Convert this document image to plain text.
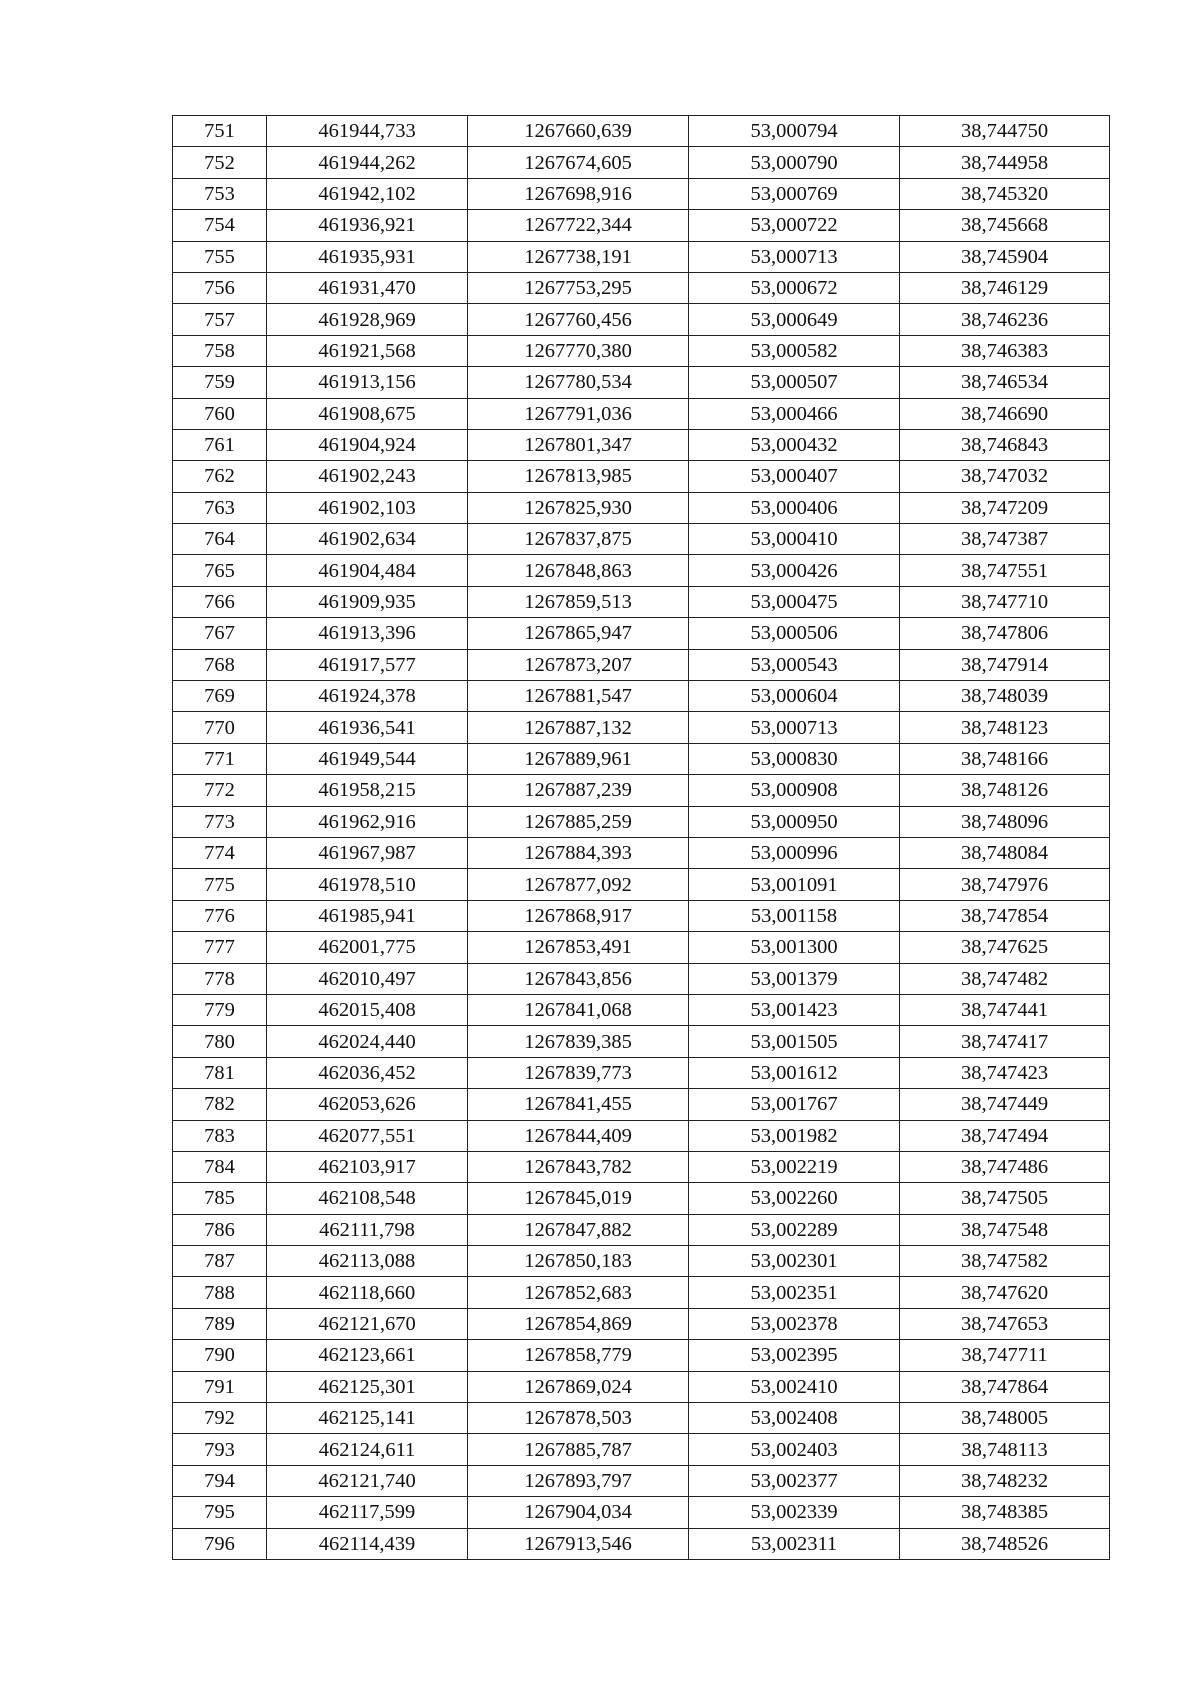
751	461944,733	1267660,639	53,000794	38,744750
752	461944,262	1267674,605	53,000790	38,744958
753	461942,102	1267698,916	53,000769	38,745320
754	461936,921	1267722,344	53,000722	38,745668
755	461935,931	1267738,191	53,000713	38,745904
756	461931,470	1267753,295	53,000672	38,746129
757	461928,969	1267760,456	53,000649	38,746236
758	461921,568	1267770,380	53,000582	38,746383
759	461913,156	1267780,534	53,000507	38,746534
760	461908,675	1267791,036	53,000466	38,746690
761	461904,924	1267801,347	53,000432	38,746843
762	461902,243	1267813,985	53,000407	38,747032
763	461902,103	1267825,930	53,000406	38,747209
764	461902,634	1267837,875	53,000410	38,747387
765	461904,484	1267848,863	53,000426	38,747551
766	461909,935	1267859,513	53,000475	38,747710
767	461913,396	1267865,947	53,000506	38,747806
768	461917,577	1267873,207	53,000543	38,747914
769	461924,378	1267881,547	53,000604	38,748039
770	461936,541	1267887,132	53,000713	38,748123
771	461949,544	1267889,961	53,000830	38,748166
772	461958,215	1267887,239	53,000908	38,748126
773	461962,916	1267885,259	53,000950	38,748096
774	461967,987	1267884,393	53,000996	38,748084
775	461978,510	1267877,092	53,001091	38,747976
776	461985,941	1267868,917	53,001158	38,747854
777	462001,775	1267853,491	53,001300	38,747625
778	462010,497	1267843,856	53,001379	38,747482
779	462015,408	1267841,068	53,001423	38,747441
780	462024,440	1267839,385	53,001505	38,747417
781	462036,452	1267839,773	53,001612	38,747423
782	462053,626	1267841,455	53,001767	38,747449
783	462077,551	1267844,409	53,001982	38,747494
784	462103,917	1267843,782	53,002219	38,747486
785	462108,548	1267845,019	53,002260	38,747505
786	462111,798	1267847,882	53,002289	38,747548
787	462113,088	1267850,183	53,002301	38,747582
788	462118,660	1267852,683	53,002351	38,747620
789	462121,670	1267854,869	53,002378	38,747653
790	462123,661	1267858,779	53,002395	38,747711
791	462125,301	1267869,024	53,002410	38,747864
792	462125,141	1267878,503	53,002408	38,748005
793	462124,611	1267885,787	53,002403	38,748113
794	462121,740	1267893,797	53,002377	38,748232
795	462117,599	1267904,034	53,002339	38,748385
796	462114,439	1267913,546	53,002311	38,748526
